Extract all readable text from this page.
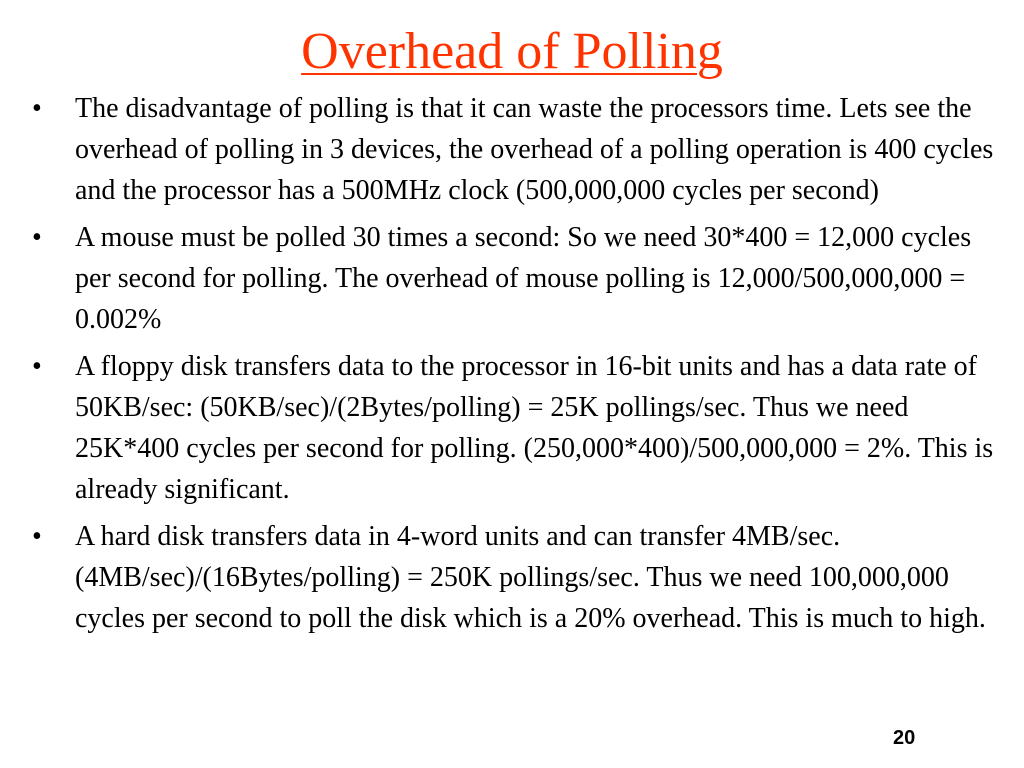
Overhead of Polling
• The disadvantage of polling is that it can waste the processors time. Lets see the overhead of polling in 3 devices, the overhead of a polling operation is 400 cycles and the processor has a 500MHz clock (500,000,000 cycles per second)
• A mouse must be polled 30 times a second: So we need 30*400 = 12,000 cycles per second for polling. The overhead of mouse polling is 12,000/500,000,000 = 0.002%
• A floppy disk transfers data to the processor in 16-bit units and has a data rate of 50KB/sec: (50KB/sec)/(2Bytes/polling) = 25K pollings/sec. Thus we need 25K*400 cycles per second for polling. (250,000*400)/500,000,000 = 2%. This is already significant.
• A hard disk transfers data in 4-word units and can transfer 4MB/sec. (4MB/sec)/(16Bytes/polling) = 250K pollings/sec. Thus we need 100,000,000 cycles per second to poll the disk which is a 20% overhead. This is much to high.
20
